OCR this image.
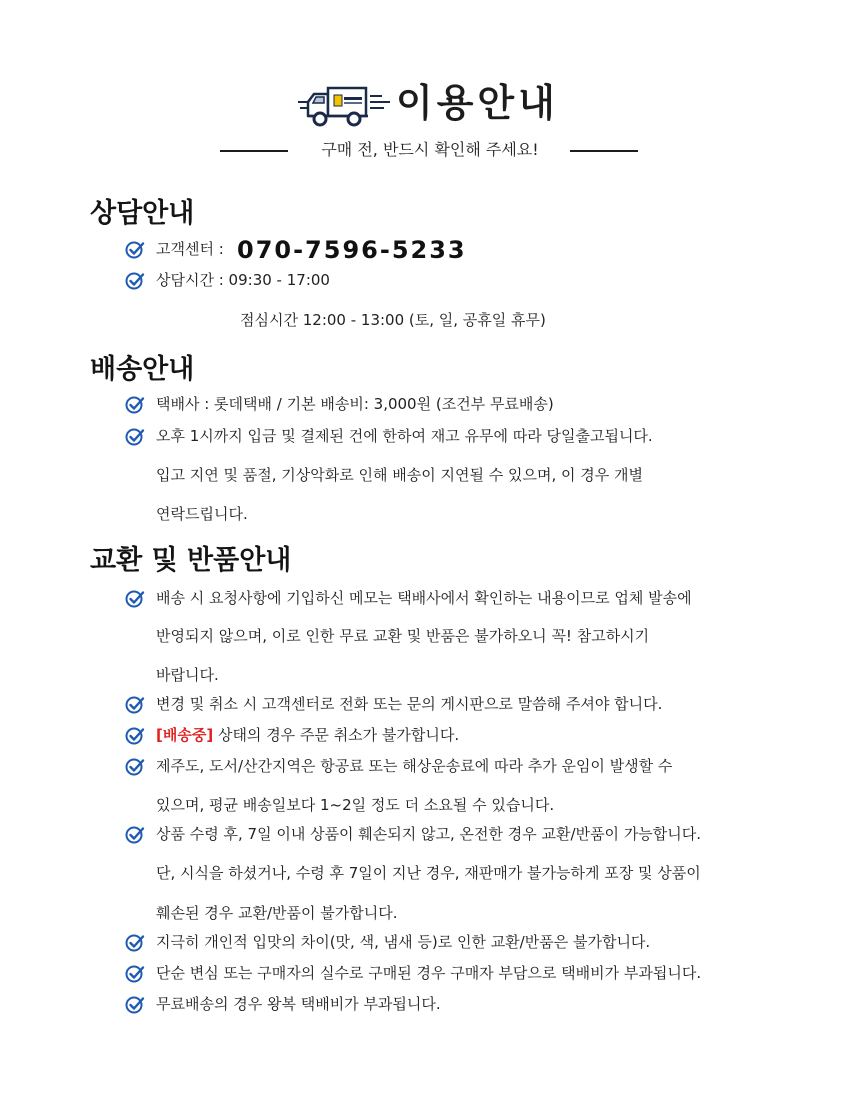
이용안내
구매 전, 반드시 확인해 주세요!
상담안내
고객센터 : 070-7596-5233
상담시간 : 09:30 - 17:00
점심시간 12:00 - 13:00 (토, 일, 공휴일 휴무)
배송안내
택배사 : 롯데택배 / 기본 배송비: 3,000원 (조건부 무료배송)
오후 1시까지 입금 및 결제된 건에 한하여 재고 유무에 따라 당일출고됩니다.
입고 지연 및 품절, 기상악화로 인해 배송이 지연될 수 있으며, 이 경우 개별
연락드립니다.
교환 및 반품안내
배송 시 요청사항에 기입하신 메모는 택배사에서 확인하는 내용이므로 업체 발송에
반영되지 않으며, 이로 인한 무료 교환 및 반품은 불가하오니 꼭! 참고하시기
바랍니다.
변경 및 취소 시 고객센터로 전화 또는 문의 게시판으로 말씀해 주셔야 합니다.
[배송중] 상태의 경우 주문 취소가 불가합니다.
제주도, 도서/산간지역은 항공료 또는 해상운송료에 따라 추가 운임이 발생할 수
있으며, 평균 배송일보다 1~2일 정도 더 소요될 수 있습니다.
상품 수령 후, 7일 이내 상품이 훼손되지 않고, 온전한 경우 교환/반품이 가능합니다.
단, 시식을 하셨거나, 수령 후 7일이 지난 경우, 재판매가 불가능하게 포장 및 상품이
훼손된 경우 교환/반품이 불가합니다.
지극히 개인적 입맛의 차이(맛, 색, 냄새 등)로 인한 교환/반품은 불가합니다.
단순 변심 또는 구매자의 실수로 구매된 경우 구매자 부담으로 택배비가 부과됩니다.
무료배송의 경우 왕복 택배비가 부과됩니다.
